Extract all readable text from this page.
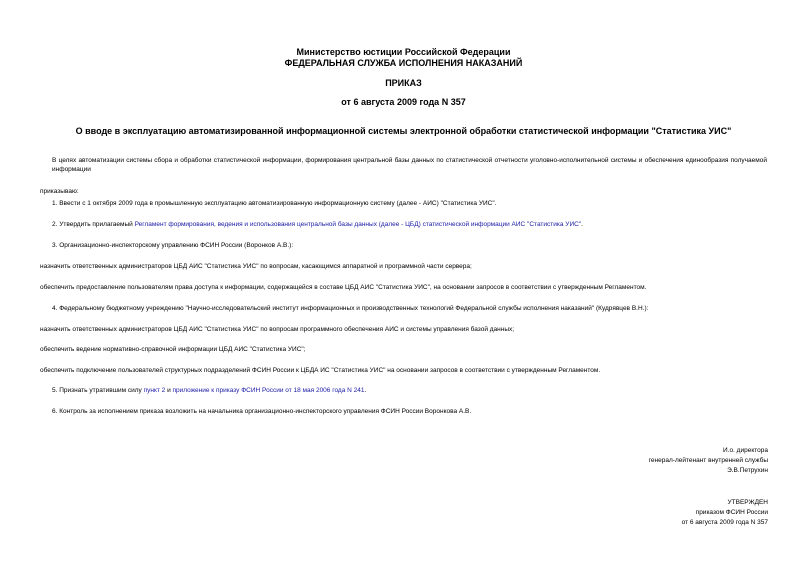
Министерство юстиции Российской Федерации
ФЕДЕРАЛЬНАЯ СЛУЖБА ИСПОЛНЕНИЯ НАКАЗАНИЙ
ПРИКАЗ
от 6 августа 2009 года N 357
О вводе в эксплуатацию автоматизированной информационной системы электронной обработки статистической информации "Статистика УИС"
В целях автоматизации системы сбора и обработки статистической информации, формирования центральной базы данных по статистической отчетности уголовно-исполнительной системы и обеспечения единообразия получаемой информации
приказываю:
1. Ввести с 1 октября 2009 года в промышленную эксплуатацию автоматизированную информационную систему (далее - АИС) "Статистика УИС".
2. Утвердить прилагаемый Регламент формирования, ведения и использования центральной базы данных (далее - ЦБД) статистической информации АИС "Статистика УИС".
3. Организационно-инспекторскому управлению ФСИН России (Воронков А.В.):
назначить ответственных администраторов ЦБД АИС "Статистика УИС" по вопросам, касающимся аппаратной и программной части сервера;
обеспечить предоставление пользователям права доступа к информации, содержащейся в составе ЦБД АИС "Статистика УИС", на основании запросов в соответствии с утвержденным Регламентом.
4. Федеральному бюджетному учреждению "Научно-исследовательский институт информационных и производственных технологий Федеральной службы исполнения наказаний" (Кудрявцев В.Н.):
назначить ответственных администраторов ЦБД АИС "Статистика УИС" по вопросам программного обеспечения АИС и системы управления базой данных;
обеспечить ведение нормативно-справочной информации ЦБД АИС "Статистика УИС";
обеспечить подключение пользователей структурных подразделений ФСИН России к ЦБДА ИС "Статистика УИС" на основании запросов в соответствии с утвержденным Регламентом.
5. Признать утратившим силу пункт 2 и приложение к приказу ФСИН России от 18 мая 2006 года N 241.
6. Контроль за исполнением приказа возложить на начальника организационно-инспекторского управления ФСИН России Воронкова А.В.
И.о. директора
генерал-лейтенант внутренней службы
Э.В.Петрухин
УТВЕРЖДЕН
приказом ФСИН России
от 6 августа 2009 года N 357
